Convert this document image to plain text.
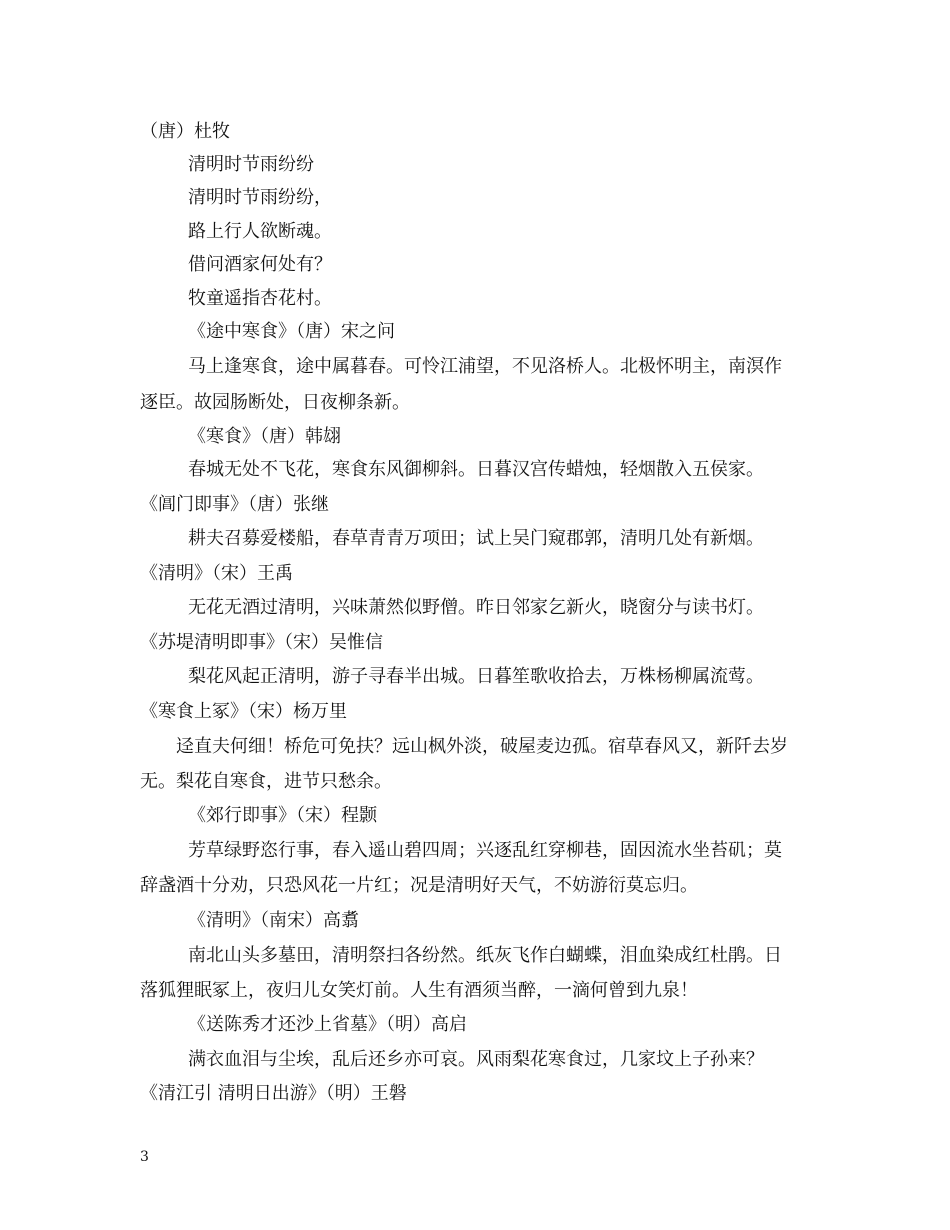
（唐）杜牧
清明时节雨纷纷
清明时节雨纷纷，
路上行人欲断魂。
借问酒家何处有？
牧童遥指杏花村。
《途中寒食》（唐）宋之问
马上逢寒食，途中属暮春。可怜江浦望，不见洛桥人。北极怀明主，南溟作
逐臣。故园肠断处，日夜柳条新。
《寒食》（唐）韩翃
春城无处不飞花，寒食东风御柳斜。日暮汉宫传蜡烛，轻烟散入五侯家。
《阊门即事》（唐）张继
耕夫召募爱楼船，春草青青万项田；试上吴门窥郡郭，清明几处有新烟。
《清明》（宋）王禹
无花无酒过清明，兴味萧然似野僧。昨日邻家乞新火，晓窗分与读书灯。
《苏堤清明即事》（宋）吴惟信
梨花风起正清明，游子寻春半出城。日暮笙歌收拾去，万株杨柳属流莺。
《寒食上冢》（宋）杨万里
迳直夫何细！桥危可免扶？远山枫外淡，破屋麦边孤。宿草春风又，新阡去岁
无。梨花自寒食，进节只愁余。
《郊行即事》（宋）程颢
芳草绿野恣行事，春入遥山碧四周；兴逐乱红穿柳巷，固因流水坐苔矶；莫
辞盏酒十分劝，只恐风花一片红；况是清明好天气，不妨游衍莫忘归。
《清明》（南宋）高翥
南北山头多墓田，清明祭扫各纷然。纸灰飞作白蝴蝶，泪血染成红杜鹃。日
落狐狸眠冢上，夜归儿女笑灯前。人生有酒须当醉，一滴何曾到九泉！
《送陈秀才还沙上省墓》（明）高启
满衣血泪与尘埃，乱后还乡亦可哀。风雨梨花寒食过，几家坟上子孙来？
《清江引 清明日出游》（明）王磐
3
